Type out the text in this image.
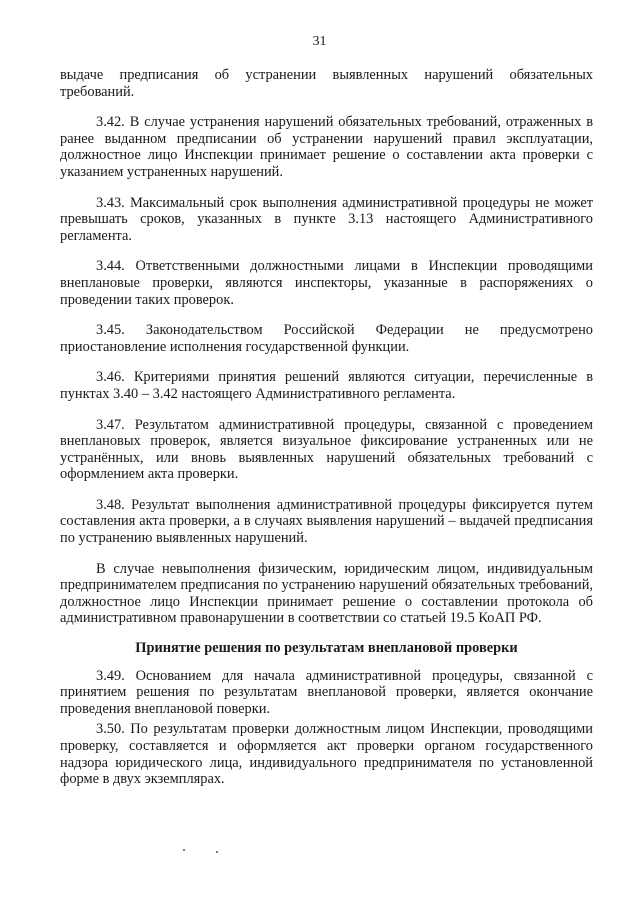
31

выдаче предписания об устранении выявленных нарушений обязательных требований.

3.42. В случае устранения нарушений обязательных требований, отраженных в ранее выданном предписании об устранении нарушений правил эксплуатации, должностное лицо Инспекции принимает решение о составлении акта проверки с указанием устраненных нарушений.

3.43. Максимальный срок выполнения административной процедуры не может превышать сроков, указанных в пункте 3.13 настоящего Административного регламента.

3.44. Ответственными должностными лицами в Инспекции проводящими внеплановые проверки, являются инспекторы, указанные в распоряжениях о проведении таких проверок.

3.45. Законодательством Российской Федерации не предусмотрено приостановление исполнения государственной функции.

3.46. Критериями принятия решений являются ситуации, перечисленные в пунктах 3.40 – 3.42 настоящего Административного регламента.

3.47. Результатом административной процедуры, связанной с проведением внеплановых проверок, является визуальное фиксирование устраненных или не устранённых, или вновь выявленных нарушений обязательных требований с оформлением акта проверки.

3.48. Результат выполнения административной процедуры фиксируется путем составления акта проверки, а в случаях выявления нарушений – выдачей предписания по устранению выявленных нарушений.

В случае невыполнения физическим, юридическим лицом, индивидуальным предпринимателем предписания по устранению нарушений обязательных требований, должностное лицо Инспекции принимает решение о составлении протокола об административном правонарушении в соответствии со статьей 19.5 КоАП РФ.

Принятие решения по результатам внеплановой проверки

3.49. Основанием для начала административной процедуры, связанной с принятием решения по результатам внеплановой проверки, является окончание проведения внеплановой поверки.

3.50. По результатам проверки должностным лицом Инспекции, проводящими проверку, составляется и оформляется акт проверки органом государственного надзора юридического лица, индивидуального предпринимателя по установленной форме в двух экземплярах.
